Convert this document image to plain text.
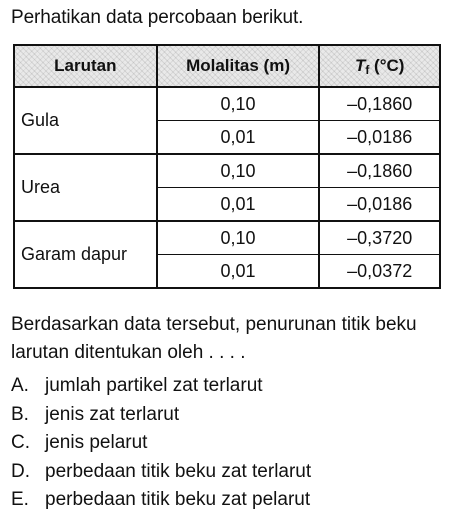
Perhatikan data percobaan berikut.
Larutan	Molalitas (m)	$T_f$ (°C)
Gula	0,10	–0,1860
	0,01	–0,0186
Urea	0,10	–0,1860
	0,01	–0,0186
Garam dapur	0,10	–0,3720
	0,01	–0,0372
Berdasarkan data tersebut, penurunan titik beku larutan ditentukan oleh . . . .
A. jumlah partikel zat terlarut
B. jenis zat terlarut
C. jenis pelarut
D. perbedaan titik beku zat terlarut
E. perbedaan titik beku zat pelarut
